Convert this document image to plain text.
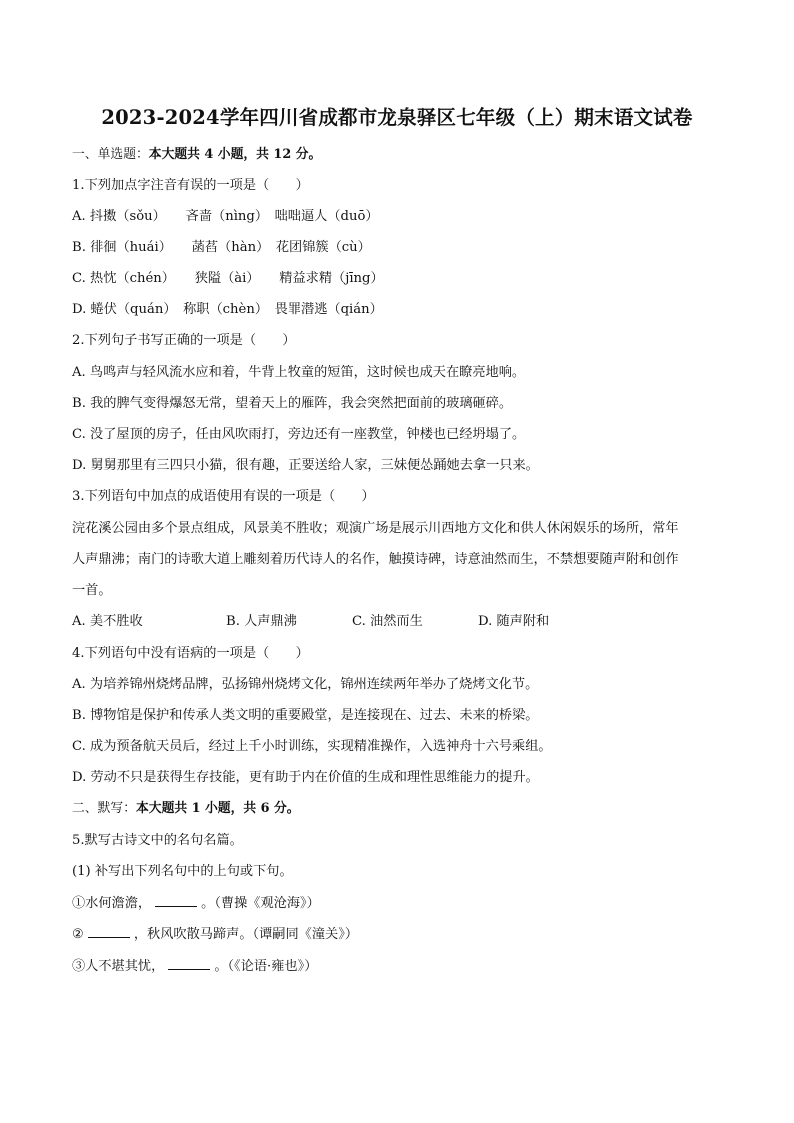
2023-2024学年四川省成都市龙泉驿区七年级（上）期末语文试卷
一、单选题：本大题共 4 小题，共 12 分。
1.下列加点字注音有误的一项是（　　）
A. 抖擞（sǒu）　　吝啬（nìng）　咄咄逼人（duō）
B. 徘徊（huái）　　菡萏（hàn）　花团锦簇（cù）
C. 热忱（chén）　　狭隘（ài）　　精益求精（jīng）
D. 蜷伏（quán）　称职（chèn）　畏罪潜逃（qián）
2.下列句子书写正确的一项是（　　）
A. 鸟鸣声与轻风流水应和着，牛背上牧童的短笛，这时候也成天在瞭亮地响。
B. 我的脾气变得爆怒无常，望着天上的雁阵，我会突然把面前的玻璃砸碎。
C. 没了屋顶的房子，任由风吹雨打，旁边还有一座教堂，钟楼也已经坍塌了。
D. 舅舅那里有三四只小猫，很有趣，正要送给人家，三妹便怂踊她去拿一只来。
3.下列语句中加点的成语使用有误的一项是（　　）
浣花溪公园由多个景点组成，风景美不胜收；观演广场是展示川西地方文化和供人休闲娱乐的场所，常年
人声鼎沸；南门的诗歌大道上雕刻着历代诗人的名作，触摸诗碑，诗意油然而生，不禁想要随声附和创作
一首。
A. 美不胜收	B. 人声鼎沸	C. 油然而生	D. 随声附和
4.下列语句中没有语病的一项是（　　）
A. 为培养锦州烧烤品牌，弘扬锦州烧烤文化，锦州连续两年举办了烧烤文化节。
B. 博物馆是保护和传承人类文明的重要殿堂，是连接现在、过去、未来的桥梁。
C. 成为预备航天员后，经过上千小时训练，实现精准操作，入选神舟十六号乘组。
D. 劳动不只是获得生存技能，更有助于内在价值的生成和理性思维能力的提升。
二、默写：本大题共 1 小题，共 6 分。
5.默写古诗文中的名句名篇。
(1) 补写出下列名句中的上句或下句。
①水何澹澹，	。（曹操《观沧海》）
②	，秋风吹散马蹄声。（谭嗣同《潼关》）
③人不堪其忧，	。（《论语·雍也》）
